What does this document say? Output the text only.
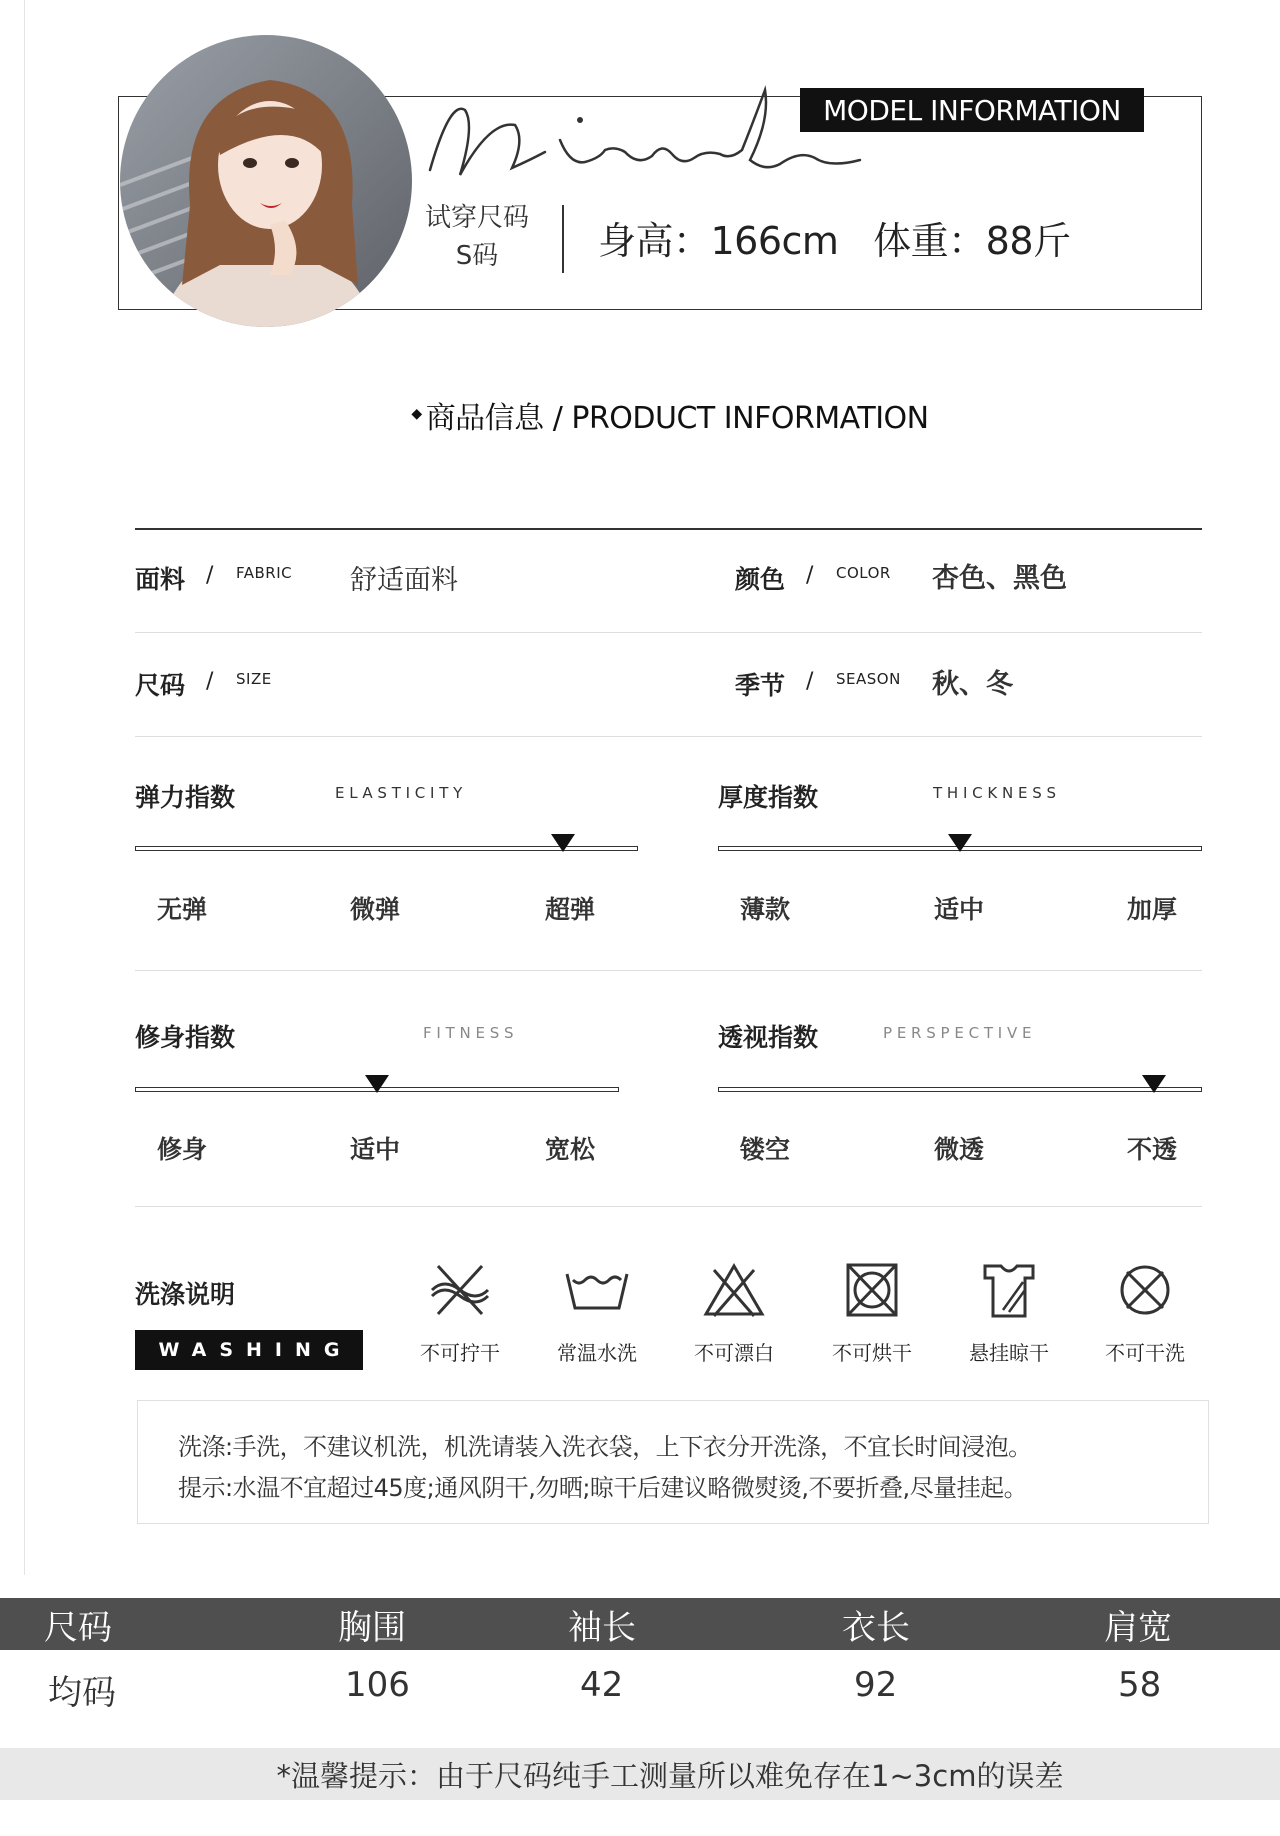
MODEL INFORMATION
试穿尺码
S码	身高：166cm   体重：88斤
◆ 商品信息 / PRODUCT INFORMATION
面料 / FABRIC 舒适面料	颜色 / COLOR 杏色、黑色
尺码 / SIZE	季节 / SEASON 秋、冬
弹力指数	E L A S T I C I T Y
无弹	微弹	超弹
厚度指数	T H I C K N E S S
薄款	适中	加厚
修身指数	F I T N E S S
修身	适中	宽松
透视指数	P E R S P E C T I V E
镂空	微透	不透
洗涤说明
WASHING	不可拧干	常温水洗	不可漂白	不可烘干	悬挂晾干	不可干洗
洗涤:手洗，不建议机洗，机洗请装入洗衣袋，上下衣分开洗涤，不宜长时间浸泡。
提示:水温不宜超过45度;通风阴干,勿晒;晾干后建议略微熨烫,不要折叠,尽量挂起。
尺码	胸围	袖长	衣长	肩宽
均码	106	42	92	58
*温馨提示：由于尺码纯手工测量所以难免存在1~3cm的误差
